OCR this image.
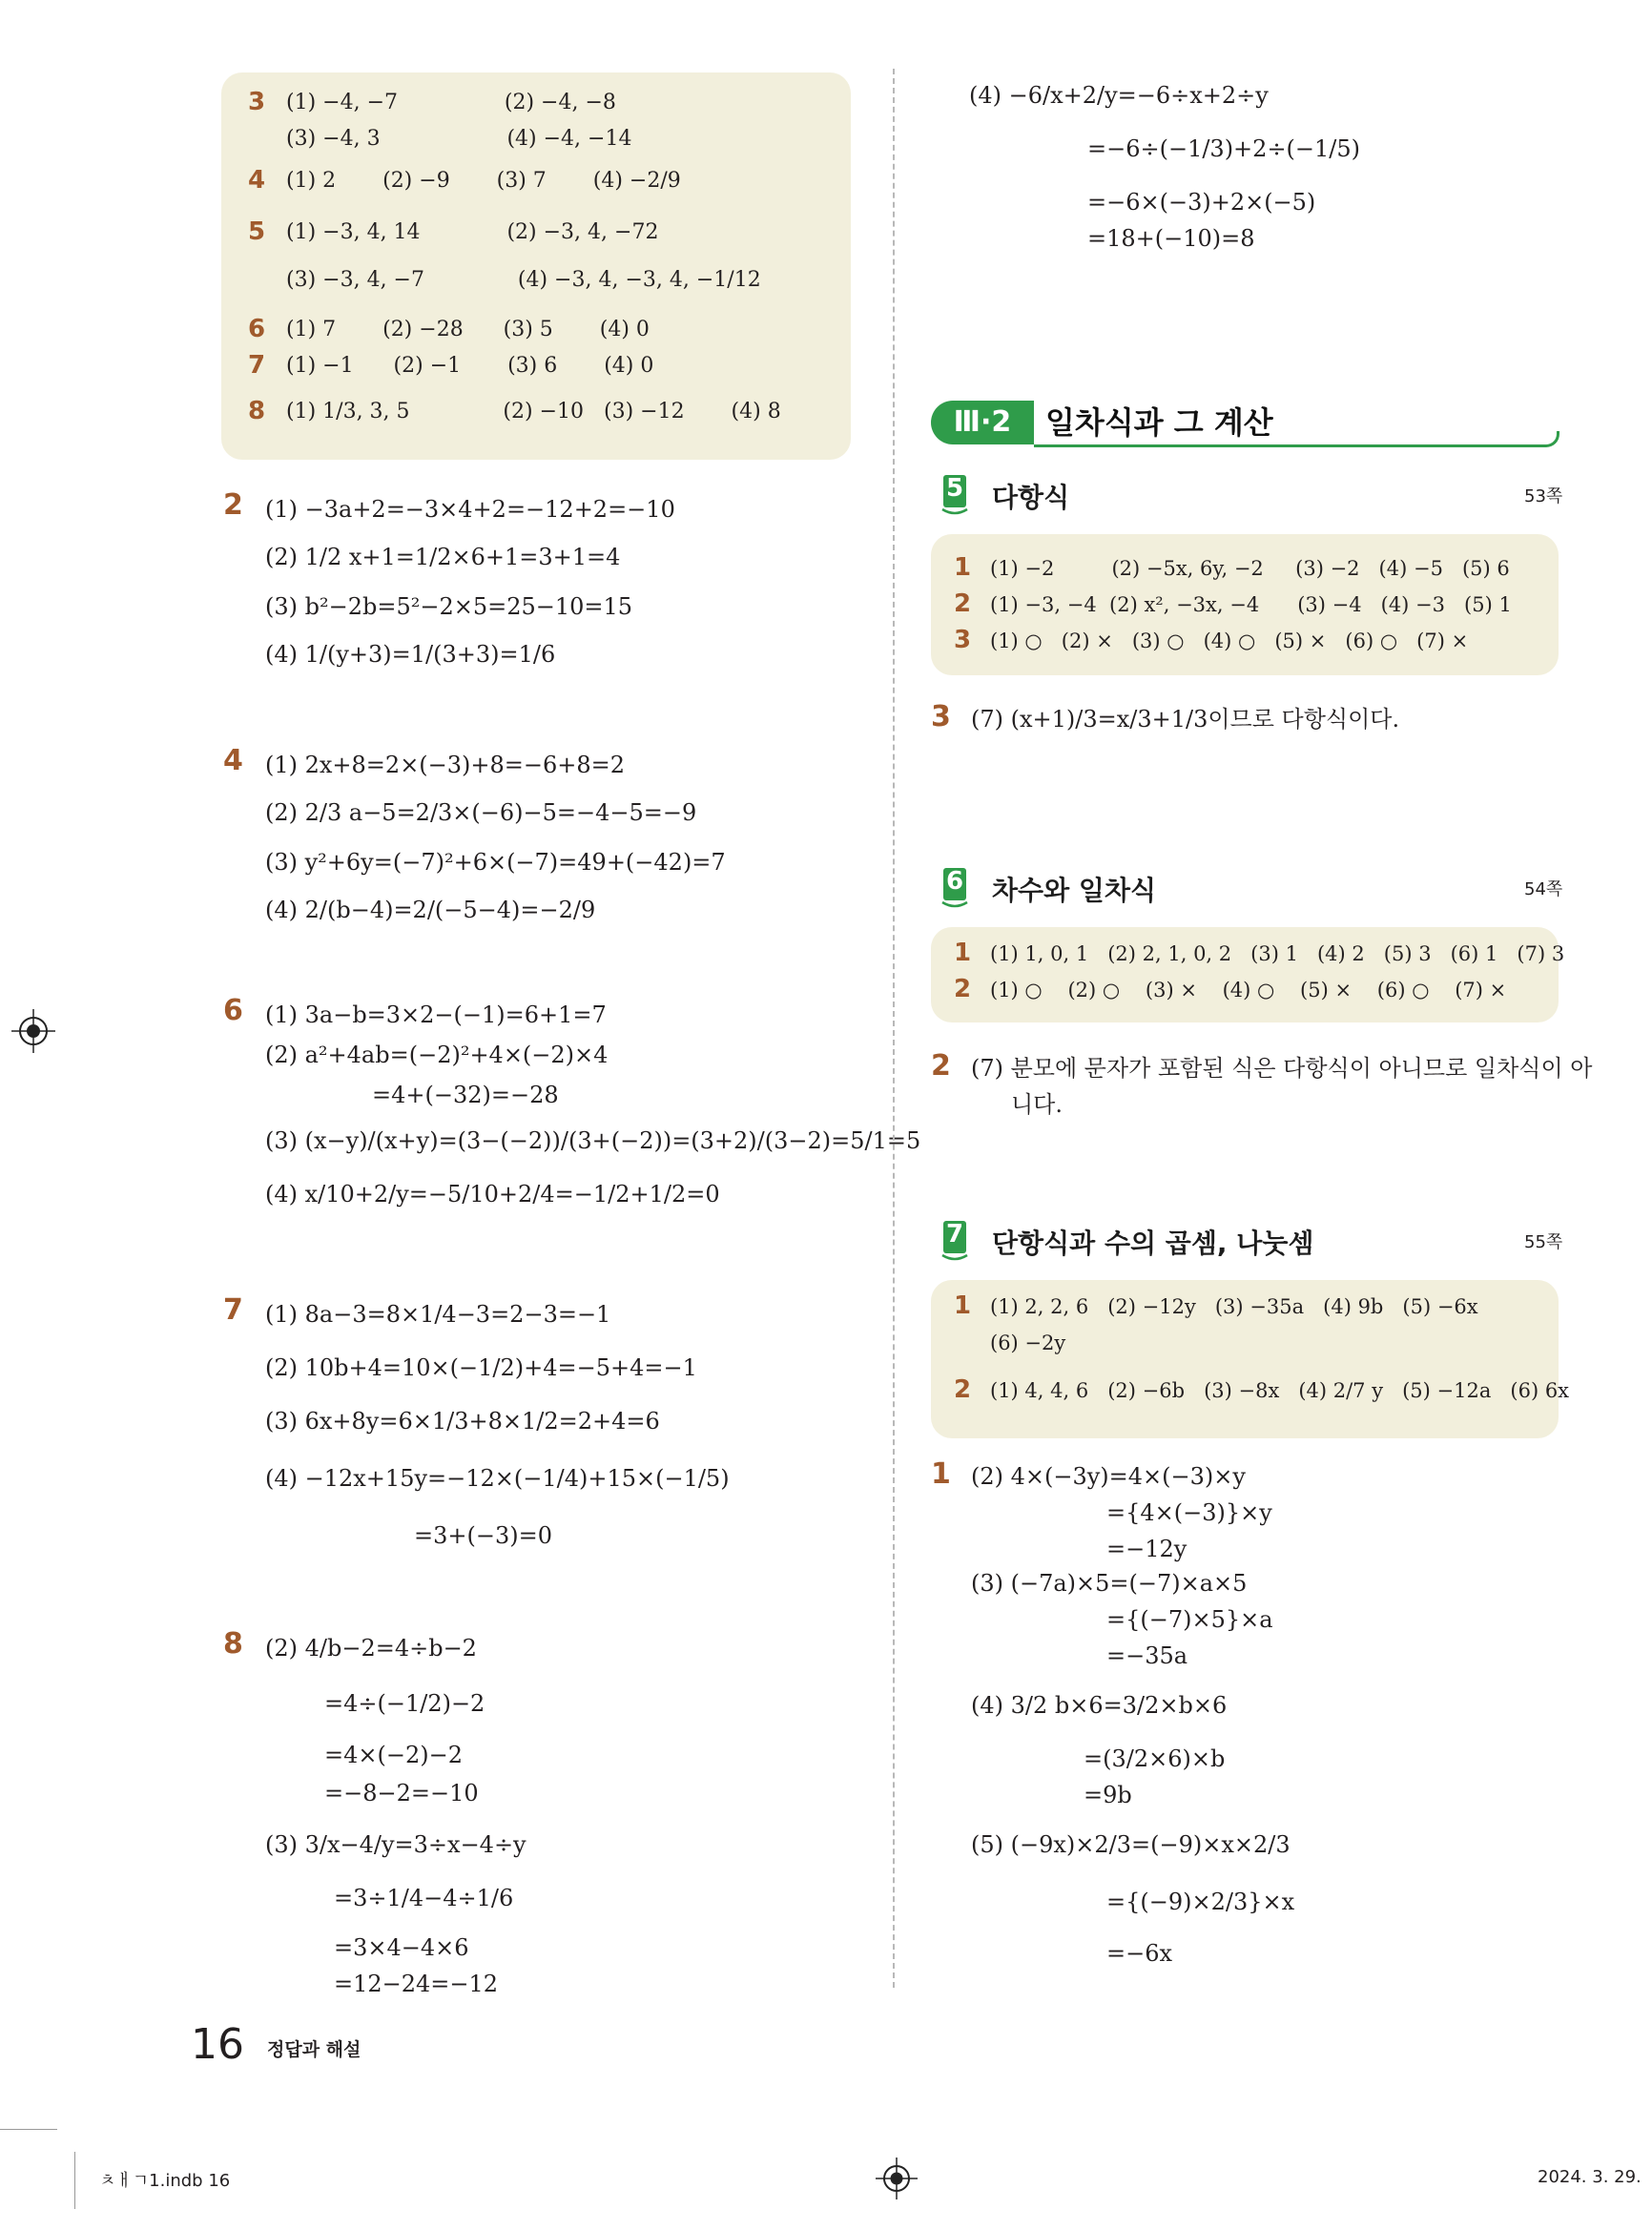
3 (1) −4, −7                (2) −4, −8
(3) −4, 3                   (4) −4, −14
4 (1) 2       (2) −9       (3) 7       (4) −2/9
5 (1) −3, 4, 14             (2) −3, 4, −72
(3) −3, 4, −7              (4) −3, 4, −3, 4, −1/12
6 (1) 7       (2) −28      (3) 5       (4) 0
7 (1) −1      (2) −1       (3) 6       (4) 0
8 (1) 1/3, 3, 5              (2) −10   (3) −12       (4) 8
2 (1) −3a+2=−3×4+2=−12+2=−10
(2) 1/2 x+1=1/2×6+1=3+1=4
(3) b²−2b=5²−2×5=25−10=15
(4) 1/(y+3)=1/(3+3)=1/6
4 (1) 2x+8=2×(−3)+8=−6+8=2
(2) 2/3 a−5=2/3×(−6)−5=−4−5=−9
(3) y²+6y=(−7)²+6×(−7)=49+(−42)=7
(4) 2/(b−4)=2/(−5−4)=−2/9
6 (1) 3a−b=3×2−(−1)=6+1=7
(2) a²+4ab=(−2)²+4×(−2)×4
=4+(−32)=−28
(3) (x−y)/(x+y)=(3−(−2))/(3+(−2))=(3+2)/(3−2)=5/1=5
(4) x/10+2/y=−5/10+2/4=−1/2+1/2=0
7 (1) 8a−3=8×1/4−3=2−3=−1
(2) 10b+4=10×(−1/2)+4=−5+4=−1
(3) 6x+8y=6×1/3+8×1/2=2+4=6
(4) −12x+15y=−12×(−1/4)+15×(−1/5)
=3+(−3)=0
8 (2) 4/b−2=4÷b−2
=4÷(−1/2)−2
=4×(−2)−2
=−8−2=−10
(3) 3/x−4/y=3÷x−4÷y
=3÷1/4−4÷1/6
=3×4−4×6
=12−24=−12
(4) −6/x+2/y=−6÷x+2÷y
=−6÷(−1/3)+2÷(−1/5)
=−6×(−3)+2×(−5)
=18+(−10)=8
Ⅲ·2	일차식과 그 계산
5 다항식	53쪽
1 (1) −2         (2) −5x, 6y, −2     (3) −2   (4) −5   (5) 6
2 (1) −3, −4  (2) x², −3x, −4      (3) −4   (4) −3   (5) 1
3 (1) ○   (2) ×   (3) ○   (4) ○   (5) ×   (6) ○   (7) ×
3 (7) (x+1)/3=x/3+1/3이므로 다항식이다.
6 차수와 일차식	54쪽
1 (1) 1, 0, 1   (2) 2, 1, 0, 2   (3) 1   (4) 2   (5) 3   (6) 1   (7) 3
2 (1) ○    (2) ○    (3) ×    (4) ○    (5) ×    (6) ○    (7) ×
2 (7) 분모에 문자가 포함된 식은 다항식이 아니므로 일차식이 아
니다.
7 단항식과 수의 곱셈, 나눗셈	55쪽
1 (1) 2, 2, 6   (2) −12y   (3) −35a   (4) 9b   (5) −6x
(6) −2y
2 (1) 4, 4, 6   (2) −6b   (3) −8x   (4) 2/7 y   (5) −12a   (6) 6x
1 (2) 4×(−3y)=4×(−3)×y
={4×(−3)}×y
=−12y
(3) (−7a)×5=(−7)×a×5
={(−7)×5}×a
=−35a
(4) 3/2 b×6=3/2×b×6
=(3/2×6)×b
=9b
(5) (−9x)×2/3=(−9)×x×2/3
={(−9)×2/3}×x
=−6x
16 정답과 해설
ㅊㅐㄱ1.indb 16	2024. 3. 29.
